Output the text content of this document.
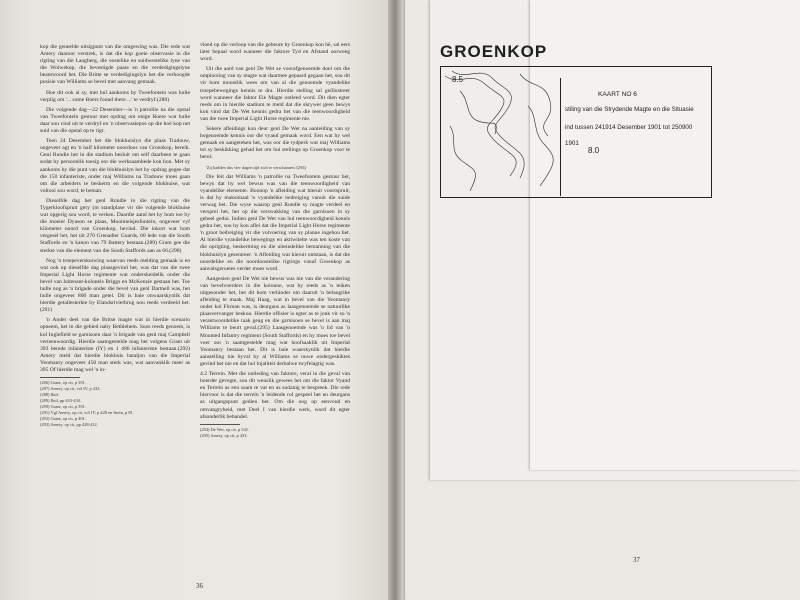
kop die geneelde uitsigpunt van die omgewing was. Die rede wat Amery daaroor verstrek, is dat die kop goeie observasie in die rigting van die Langberg, die oostelike en suidwestelike lyne van die Wolwekop, die bevestigde paaie en die verdedigingslyne beantwoord het. Die Britte se verdedigingslyn het die verhoogde posisie van Williams se bevel met aanvang gemaak.

Hoe dit ook al sy, met hul aankoms by Tweefontein was hulle verplig om '... some Boers found there ...' te verdryf.(288)

Die volgende dag—22 Desember—is 'n patrollie na die opstal van Tweefontein gestuur met opdrag om enige Boere wat hulle daar sou vind uit te verdryf en 'n observasiepos op die hoë kop net suid van die opstal op te rigt.

Teen 24 Desember het die blokhuislyn die plaas Tradouw, ongeveer agt en 'n half kilometer noordoos van Groenkop, bereik. Genl Rundle het in die stadium besluit om self daarheen te gaan sodat hy persoonlik toesig oor die werksaamhede kon hou. Met sy aankoms by die punt van die blokhuislyn het hy opdrag gegee dat die 150 infanteriste, onder maj Williams na Tradouw moes gaan om die arbeiders te beskerm en die volgende blokhuise, wat voltooi sou word, te beman.

Dieselfde dag het genl Rundle in die rigting van die Tygerkloofspruit gery (m standplase vir die volgende blokhuise wat opgerig sou word, te verken. Daardie aand het hy hom toe by die moeier Dyason se plaas, Mooimeisjesfontein, ongeveer vyf kilometer noord van Groenkop, bevind. Die inkort wat hom vergesel het, het uit 270 Grenadier Guards, 60 lede van die South Staffords en 'n kanon van 79 Battery bestaan.(289) Gram gee die sterkte van die element van die South Staffords aan as 66.(290)

Nog 'n troepeverskuiwing waarvan reeds melding gemaak is en wat ook op dieselfde dag plaasgevind het, was dat van die twee Imperial Light Horse regimente wat onderskeidelik onder die bevel van luitenant-kolonels Briggs en McKenzie gestaan het. Toe hulle nog as 'n brigade onder die bevel van genl Dartnell was, het hulle ongeveer 800 man getel. Dit is baie onwaarskynlik dat hierdie getallesterkte by Elandsrivierbrug nou reeds verdeeld het.(291)

'n Ander deel van die Britse magte wat in hierdie scenario opneem, het in die gebied naby Bethlehem. Soos reeds genoem, is kol Inglefield se garnisoen daar 'n brigade van genl maj Campbell verteenwoordig. Hierdie saamgestelde mag het volgens Grant uit 393 berede infanteriste (IY) en 1 486 infanteriste bestaan.(292) Amery meld dat hierdie blokhuis bataljon van die Imperial Yeomanry ongeveer 450 man sterk was, wat aanvanklik meer as 395 Of hierdie mag wel 'n in-

(286) Grant, op cit, p 391.
(287) Amery, op cit, vol IV, p 433.
(288) Ibid.
(289) Ibid, pp 433-434.
(290) Grant, op cit, p 391.
(291) Vgl Amery, op cit, vol IV, p 428 en Iterin, p 81.
(292) Grant, op cit, p 401.
(293) Amery, op cit, pp 428-432.

vloed op die verloop van die gebeure by Groenkop kon hê, sal eers later bepaal word wanneer die faktore Tyd en Afstand oorweeg word.

Uit die aard van genl De Wet se voorafgenoemde doel om die ontplooiing van sy magte wat daarmee gepaard gegaan het, sou dit vir hom moontlik wees om van al die genoemde vyandelike troepebewegings kennis te dra. Hierdie stelling sal geïllustreer word wanneer die faktor Eie Magte ontleed word. Dit dien egter reeds om in hierdie stadium te meld dat die skrywer geen bewys kon vind dat De Wet kennis gedra het van die teenwoordigheid van die twee Imperial Light Horse regimente nie.

Sekere afleidings kon deur genl De Wet na aanleiding van sy bogenoemde kennis oor die vyand gemaak word. Een wat hy wel gemaak en aangeteken het, was oor die tydperk wat maj Williams tot sy beskikking gehad het om hul stellings op Groenkop voor te berei:

'Zij hadden dus vier dagen tijd zich te verschansen.'(294)

Die feit dat Williams 'n patrollie na Tweefontein gestuur het, bewys dat hy wel bewus was van die teenwoordigheid van vyandelike elemente. Boonop 'n afleiding wat hieruit voortspruit, is dat hy maksimaal 'n vyandelike bedreiging vanuit die suide verwag het. Die wyse waarop genl Rundle sy magte verdeel en versprei het, het op die verswakking van die garnisoen in sy geheel gedui. Indien genl De Wet van hul teenwoordigheid kennis gedra het, sou hy kon aflei dat die Imperial Light Horse regimente 'n groot bedreiging vir die volvoering van sy planne ingehou het. Al hierdie vyandelike bewegings en aktiwiteite was ten koste van die oprigting, beskerming en die uiteindelike bemanning van die blokhuislyn gesentreer. 'n Afleiding wat hieruit ontstaan, is dat die noordelike en die noordoostelike rigtings vanaf Groenkop as aanvalsgeroetes verder moes word.

Aangesien genl De Wet nie bewus was nie van die verandering van bevelvoerders in die kolonne, wat hy reeds as 'n teiken uitgesonder het, het dit hom verhinder om daaruit 'n belangrike afleiding te maak. Maj Haag, wat in bevel van die Yeomanry onder kol Firman was, is deurgans as laasgenoemde se natuurlike plaasvervanger beskou. Hierdie offisier is egter as te jonk vir so 'n verantwoordelike taak geag en die garnisoen se bevel is aan maj Williams te beurt geval.(295) Laasgenoemde was 'n lid van 'n Mounted Infantry regiment (South Staffords) en hy moes toe bevel voer oor 'n saamgestelde mag wat hoofsaaklik uit Imperial Yeomanry bestaan het. Dit is baie waarskynlik dat hierdie aanstelling nie byval by al Williams se nuwe ondergeskiktes gevind het nie en dat hul lojaliteit derhalwe twyfelagtig was.

4.2 Terrein. Met die ontleding van faktore, veral in die geval van hoerder gevegte, sou dit wenslik gewees het om die faktor Vyand en Terrein as een saam te vat en as sodanig te bespreek. Die rede hiervoor is dat die terrein 'n leidende rol gespeel het en deurgans as uitgangspunt gedien het. Om die oog op eenvoud en omvangryheid, met Deel I van hierdie werk, word dit egter afsonderlik behandel.

(294) De Wet, op cit, p 342.
(295) Amery, op cit, p 433.
36
GROENKOP
KAART NO 6
stiling van die Strydende Magte en die Situasie
ind tussen 241914 Desember 1901 tot 250900
1901
8.5
8.0
37
